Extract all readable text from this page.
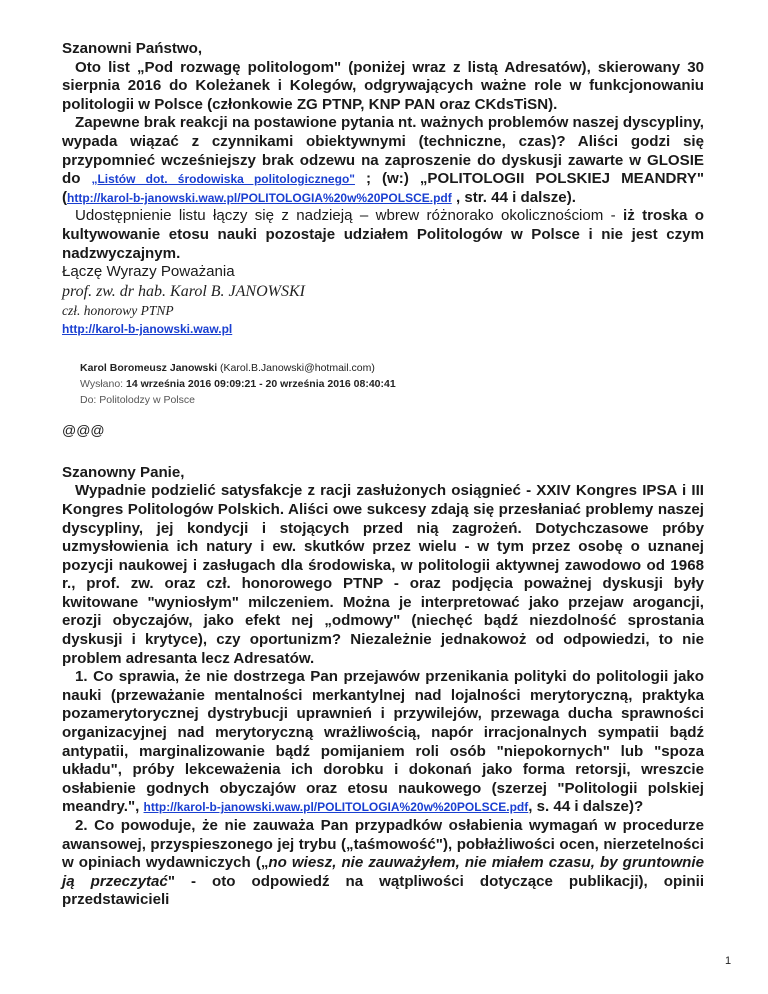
Szanowni Państwo,

Oto list „Pod rozwagę politologom" (poniżej wraz z listą Adresatów), skierowany 30 sierpnia 2016 do Koleżanek i Kolegów, odgrywających ważne role w funkcjonowaniu politologii w Polsce (członkowie ZG PTNP, KNP PAN oraz CKdsTiSN).

Zapewne brak reakcji na postawione pytania nt. ważnych problemów naszej dyscypliny, wypada wiązać z czynnikami obiektywnymi (techniczne, czas)? Aliści godzi się przypomnieć wcześniejszy brak odzewu na zaproszenie do dyskusji zawarte w GLOSIE do „Listów dot. środowiska politologicznego" ; (w:) „POLITOLOGII POLSKIEJ MEANDRY" (http://karol-b-janowski.waw.pl/POLITOLOGIA%20w%20POLSCE.pdf , str. 44 i dalsze).

Udostępnienie listu łączy się z nadzieją – wbrew różnorako okolicznościom - iż troska o kultywowanie etosu nauki pozostaje udziałem Politologów w Polsce i nie jest czym nadzwyczajnym.

Łączę Wyrazy Poważania

prof. zw. dr hab. Karol B. JANOWSKI

czł. honorowy PTNP

http://karol-b-janowski.waw.pl

Karol Boromeusz Janowski (Karol.B.Janowski@hotmail.com)
Wysłano: 14 września 2016 09:09:21 - 20 września 2016 08:40:41
Do: Politolodzy w Polsce

@@@

Szanowny Panie,

Wypadnie podzielić satysfakcje z racji zasłużonych osiągnieć - XXIV Kongres IPSA i III Kongres Politologów Polskich. Aliści owe sukcesy zdają się przesłaniać problemy naszej dyscypliny, jej kondycji i stojących przed nią zagrożeń. Dotychczasowe próby uzmysłowienia ich natury i ew. skutków przez wielu - w tym przez osobę o uznanej pozycji naukowej i zasługach dla środowiska, w politologii aktywnej zawodowo od 1968 r., prof. zw. oraz czł. honorowego PTNP - oraz podjęcia poważnej dyskusji były kwitowane "wyniosłym" milczeniem. Można je interpretować jako przejaw arogancji, erozji obyczajów, jako efekt nej „odmowy" (niechęć bądź niezdolność sprostania dyskusji i krytyce), czy oportunizm? Niezależnie jednakowoż od odpowiedzi, to nie problem adresanta lecz Adresatów.

1. Co sprawia, że nie dostrzega Pan przejawów przenikania polityki do politologii jako nauki (przeważanie mentalności merkantylnej nad lojalności merytoryczną, praktyka pozamerytorycznej dystrybucji uprawnień i przywilejów, przewaga ducha sprawności organizacyjnej nad merytoryczną wrażliwością, napór irracjonalnych sympatii bądź antypatii, marginalizowanie bądź pomijaniem roli osób "niepokornych" lub "spoza układu", próby lekceważenia ich dorobku i dokonań jako forma retorsji, wreszcie osłabienie godnych obyczajów oraz etosu naukowego (szerzej "Politologii polskiej meandry.", http://karol-b-janowski.waw.pl/POLITOLOGIA%20w%20POLSCE.pdf, s. 44 i dalsze)?

2. Co powoduje, że nie zauważa Pan przypadków osłabienia wymagań w procedurze awansowej, przyspieszonego jej trybu („taśmowość"), pobłażliwości ocen, nierzetelności w opiniach wydawniczych („no wiesz, nie zauważyłem, nie miałem czasu, by gruntownie ją przeczytać" - oto odpowiedź na wątpliwości dotyczące publikacji), opinii przedstawicieli

1
